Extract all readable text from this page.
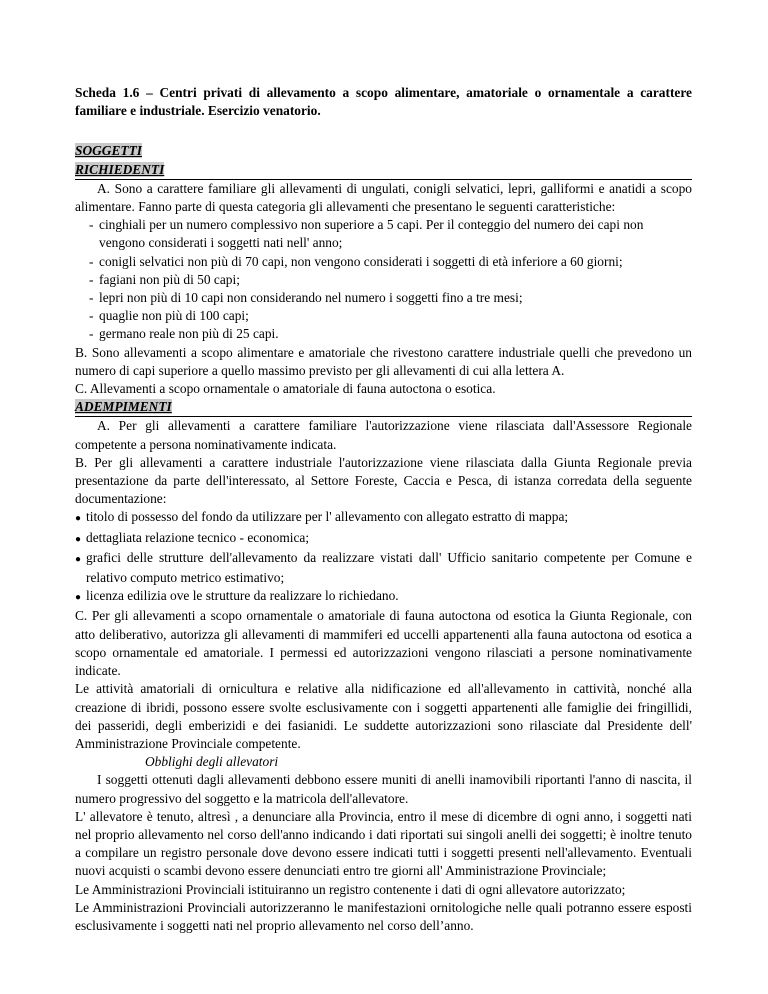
Scheda 1.6 – Centri privati di allevamento a scopo alimentare, amatoriale o ornamentale a carattere familiare e industriale. Esercizio venatorio.

SOGGETTI
RICHIEDENTI

A. Sono a carattere familiare gli allevamenti di ungulati, conigli selvatici, lepri, galliformi e anatidi a scopo alimentare. Fanno parte di questa categoria gli allevamenti che presentano le seguenti caratteristiche:

- cinghiali per un numero complessivo non superiore a 5 capi. Per il conteggio del numero dei capi non vengono considerati i soggetti nati nell' anno;
- conigli selvatici non più di 70 capi, non vengono considerati i soggetti di età inferiore a 60 giorni;
- fagiani non più di 50 capi;
- lepri non più di 10 capi non considerando nel numero i soggetti fino a tre mesi;
- quaglie non più di 100 capi;
- germano reale non più di 25 capi.

B. Sono allevamenti a scopo alimentare e amatoriale che rivestono carattere industriale quelli che prevedono un numero di capi superiore a quello massimo previsto per gli allevamenti di cui alla lettera A.

C. Allevamenti a scopo ornamentale o amatoriale di fauna autoctona o esotica.

ADEMPIMENTI

A. Per gli allevamenti a carattere familiare l'autorizzazione viene rilasciata dall'Assessore Regionale competente a persona nominativamente indicata.

B. Per gli allevamenti a carattere industriale l'autorizzazione viene rilasciata dalla Giunta Regionale previa presentazione da parte dell'interessato, al Settore Foreste, Caccia e Pesca, di istanza corredata della seguente documentazione:

● titolo di possesso del fondo da utilizzare per l' allevamento con allegato estratto di mappa;
● dettagliata relazione tecnico - economica;
● grafici delle strutture dell'allevamento da realizzare vistati dall' Ufficio sanitario competente per Comune e relativo computo metrico estimativo;
● licenza edilizia ove le strutture da realizzare lo richiedano.

C. Per gli allevamenti a scopo ornamentale o amatoriale di fauna autoctona od esotica la Giunta Regionale, con atto deliberativo, autorizza gli allevamenti di mammiferi ed uccelli appartenenti alla fauna autoctona od esotica a scopo ornamentale ed amatoriale. I permessi ed autorizzazioni vengono rilasciati a persone nominativamente indicate.

Le attività amatoriali di ornicultura e relative alla nidificazione ed all'allevamento in cattività, nonché alla creazione di ibridi, possono essere svolte esclusivamente con i soggetti appartenenti alle famiglie dei fringillidi, dei passeridi, degli emberizidi e dei fasianidi. Le suddette autorizzazioni sono rilasciate dal Presidente dell' Amministrazione Provinciale competente.

Obblighi degli allevatori

I soggetti ottenuti dagli allevamenti debbono essere muniti di anelli inamovibili riportanti l'anno di nascita, il numero progressivo del soggetto e la matricola dell'allevatore.

L' allevatore è tenuto, altresì , a denunciare alla Provincia, entro il mese di dicembre di ogni anno, i soggetti nati nel proprio allevamento nel corso dell'anno indicando i dati riportati sui singoli anelli dei soggetti; è inoltre tenuto a compilare un registro personale dove devono essere indicati tutti i soggetti presenti nell'allevamento. Eventuali nuovi acquisti o scambi devono essere denunciati entro tre giorni all' Amministrazione Provinciale;

Le Amministrazioni Provinciali istituiranno un registro contenente i dati di ogni allevatore autorizzato;

Le Amministrazioni Provinciali autorizzeranno le manifestazioni ornitologiche nelle quali potranno essere esposti esclusivamente i soggetti nati nel proprio allevamento nel corso dell’anno.
